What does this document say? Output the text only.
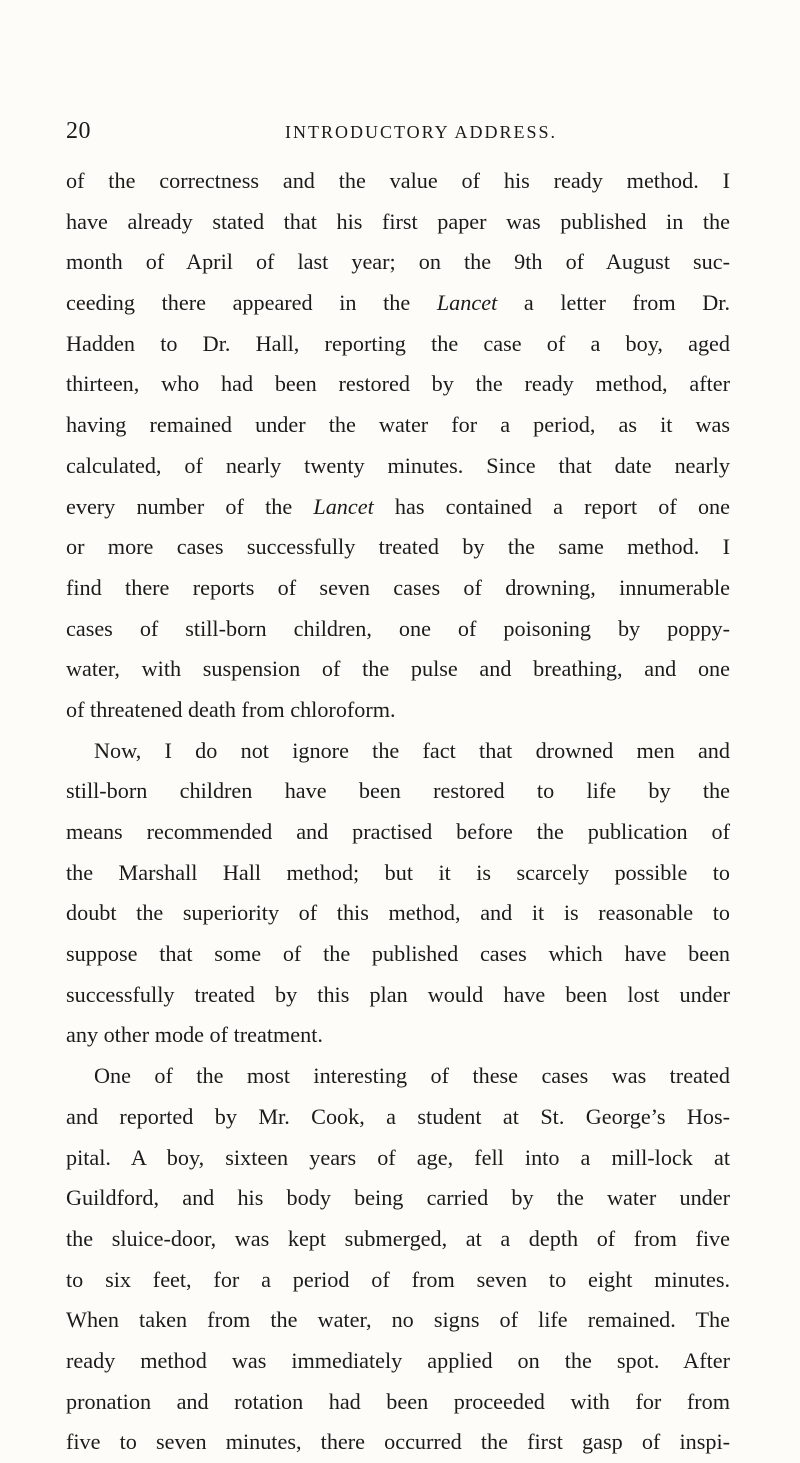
20	INTRODUCTORY ADDRESS.
of the correctness and the value of his ready method. I
have already stated that his first paper was published in the
month of April of last year; on the 9th of August suc-
ceeding there appeared in the Lancet a letter from Dr.
Hadden to Dr. Hall, reporting the case of a boy, aged
thirteen, who had been restored by the ready method, after
having remained under the water for a period, as it was
calculated, of nearly twenty minutes. Since that date nearly
every number of the Lancet has contained a report of one
or more cases successfully treated by the same method. I
find there reports of seven cases of drowning, innumerable
cases of still-born children, one of poisoning by poppy-
water, with suspension of the pulse and breathing, and one
of threatened death from chloroform.
Now, I do not ignore the fact that drowned men and
still-born children have been restored to life by the
means recommended and practised before the publication of
the Marshall Hall method; but it is scarcely possible to
doubt the superiority of this method, and it is reasonable to
suppose that some of the published cases which have been
successfully treated by this plan would have been lost under
any other mode of treatment.
One of the most interesting of these cases was treated
and reported by Mr. Cook, a student at St. George’s Hos-
pital. A boy, sixteen years of age, fell into a mill-lock at
Guildford, and his body being carried by the water under
the sluice-door, was kept submerged, at a depth of from five
to six feet, for a period of from seven to eight minutes.
When taken from the water, no signs of life remained. The
ready method was immediately applied on the spot. After
pronation and rotation had been proceeded with for from
five to seven minutes, there occurred the first gasp of inspi-
